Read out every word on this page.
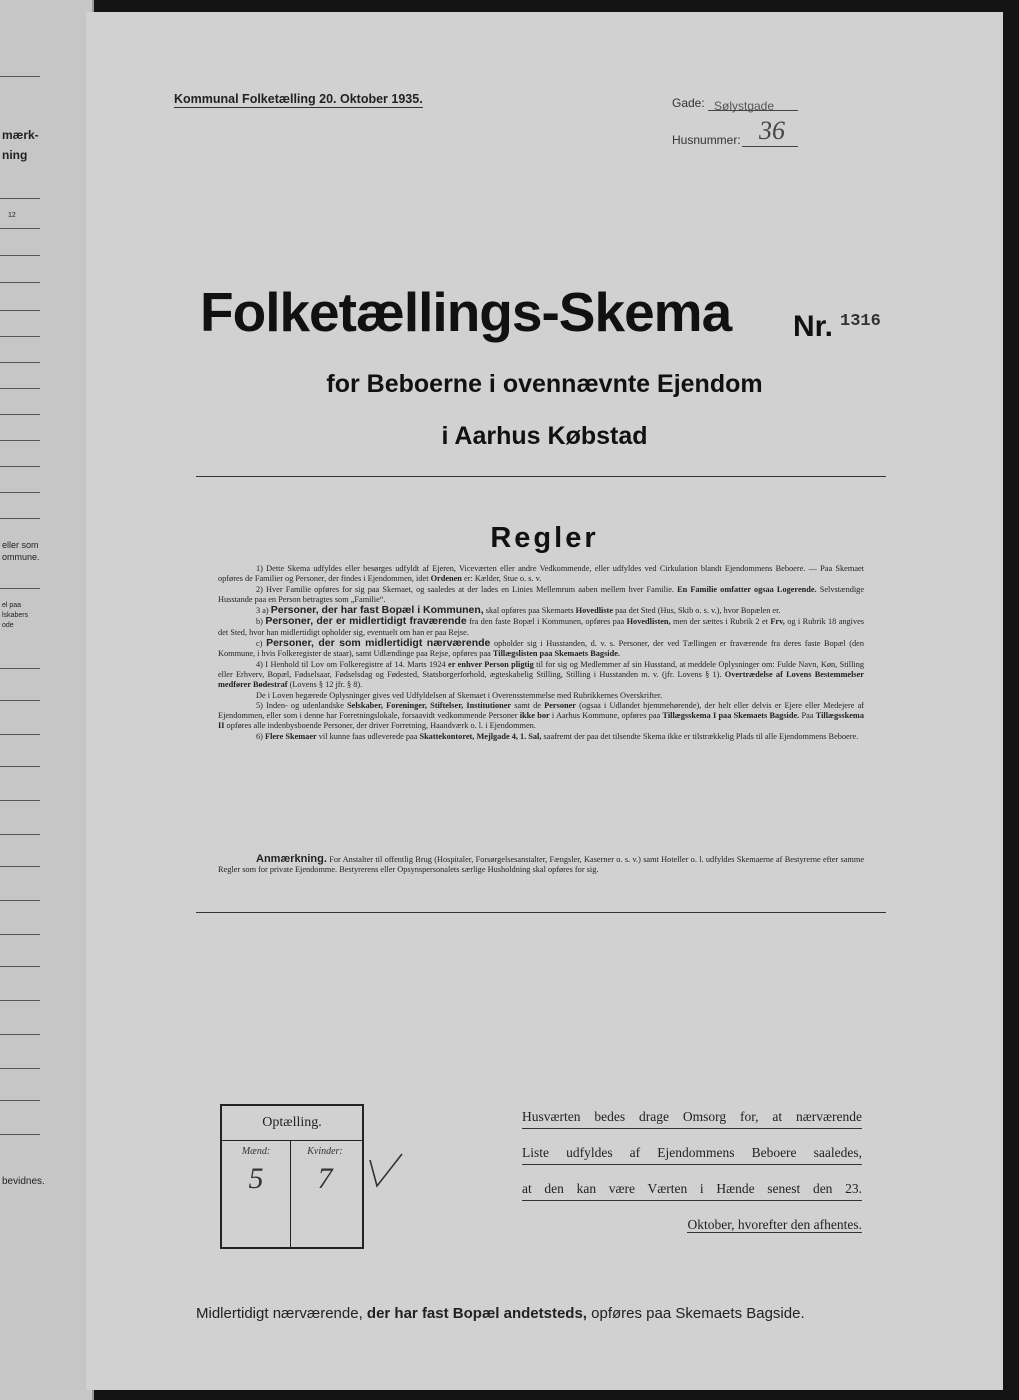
mærk-
ning
12
eller som
ommune.
el paa
lskabers
ode
bevidnes.
Kommunal Folketælling 20. Oktober 1935.	Gade: Sølystgade
Husnummer: 36
Folketællings-Skema Nr. 1316
for Beboerne i ovennævnte Ejendom
i Aarhus Købstad
Regler

1) Dette Skema udfyldes eller besørges udfyldt af Ejeren, Viceværten eller andre Vedkommende, eller udfyldes ved Cirkulation blandt Ejendommens Beboere. — Paa Skemaet opføres de Familier og Personer, der findes i Ejendommen, idet Ordenen er: Kælder, Stue o. s. v.

2) Hver Familie opføres for sig paa Skemaet, og saaledes at der lades en Linies Mellemrum aaben mellem hver Familie. En Familie omfatter ogsaa Logerende. Selvstændige Husstande paa en Person betragtes som „Familie“.

3 a) Personer, der har fast Bopæl i Kommunen, skal opføres paa Skemaets Hovedliste paa det Sted (Hus, Skib o. s. v.), hvor Bopælen er.

b) Personer, der er midlertidigt fraværende fra den faste Bopæl i Kommunen, opføres paa Hovedlisten, men der sættes i Rubrik 2 et Frv, og i Rubrik 18 angives det Sted, hvor han midlertidigt opholder sig, eventuelt om han er paa Rejse.

c) Personer, der som midlertidigt nærværende opholder sig i Husstanden, d. v. s. Personer, der ved Tællingen er fraværende fra deres faste Bopæl (den Kommune, i hvis Folkeregister de staar), samt Udlændinge paa Rejse, opføres paa Tillægslisten paa Skemaets Bagside.

4) I Henhold til Lov om Folkeregistre af 14. Marts 1924 er enhver Person pligtig til for sig og Medlemmer af sin Husstand, at meddele Oplysninger om: Fulde Navn, Køn, Stilling eller Erhverv, Bopæl, Fødselsaar, Fødselsdag og Fødested, Statsborgerforhold, ægteskabelig Stilling, Stilling i Husstanden m. v. (jfr. Lovens § 1). Overtrædelse af Lovens Bestemmelser medfører Bødestraf (Lovens § 12 jfr. § 8).

De i Loven begærede Oplysninger gives ved Udfyldelsen af Skemaet i Overensstemmelse med Rubrikkernes Overskrifter.

5) Inden- og udenlandske Selskaber, Foreninger, Stiftelser, Institutioner samt de Personer (ogsaa i Udlandet hjemmehørende), der helt eller delvis er Ejere eller Medejere af Ejendommen, eller som i denne har Forretningslokale, forsaavidt vedkommende Personer ikke bor i Aarhus Kommune, opføres paa Tillægsskema I paa Skemaets Bagside. Paa Tillægsskema II opføres alle indenbysboende Personer, der driver Forretning, Haandværk o. l. i Ejendommen.

6) Flere Skemaer vil kunne faas udleverede paa Skattekontoret, Mejlgade 4, 1. Sal, saafremt der paa det tilsendte Skema ikke er tilstrækkelig Plads til alle Ejendommens Beboere.

Anmærkning. For Anstalter til offentlig Brug (Hospitaler, Forsørgelsesanstalter, Fængsler, Kaserner o. s. v.) samt Hoteller o. l. udfyldes Skemaerne af Bestyrerne efter samme Regler som for private Ejendomme. Bestyrerens eller Opsynspersonalets særlige Husholdning skal opføres for sig.
Optælling.
Mænd:	Kvinder:
5	7
Husværten bedes drage Omsorg for, at nærværende
Liste udfyldes af Ejendommens Beboere saaledes,
at den kan være Værten i Hænde senest den 23.
Oktober, hvorefter den afhentes.
Midlertidigt nærværende, der har fast Bopæl andetsteds, opføres paa Skemaets Bagside.
